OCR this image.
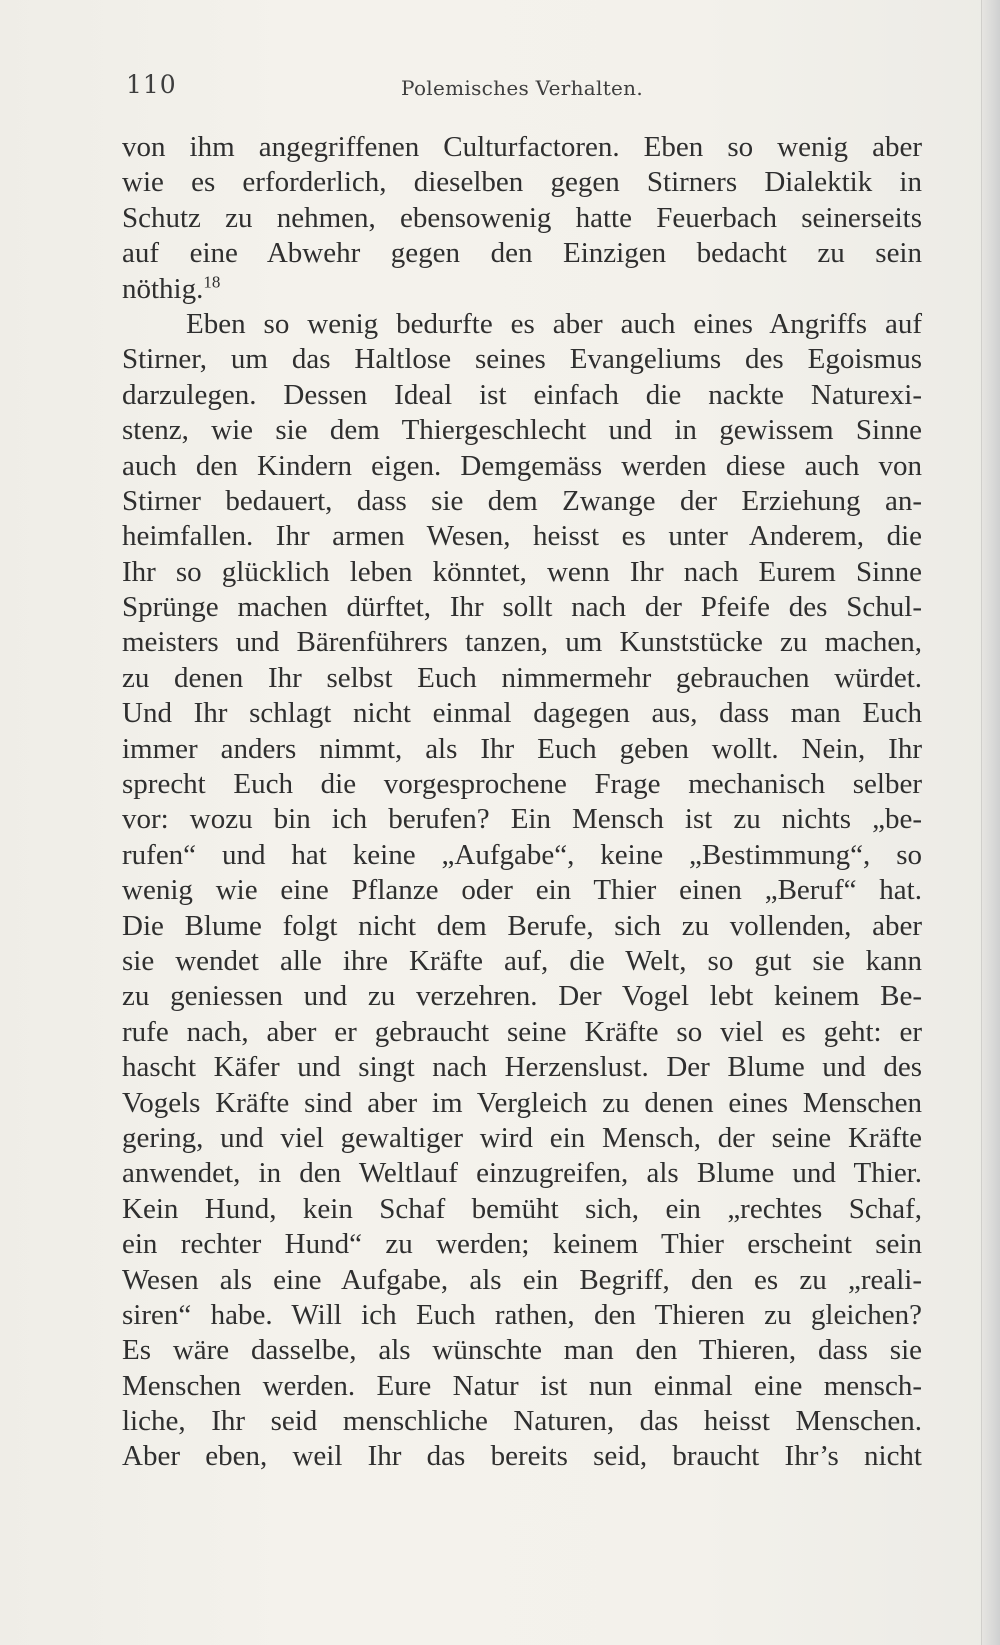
110	Polemisches Verhalten.
von ihm angegriffenen Culturfactoren. Eben so wenig aber
wie es erforderlich, dieselben gegen Stirners Dialektik in
Schutz zu nehmen, ebensowenig hatte Feuerbach seinerseits
auf eine Abwehr gegen den Einzigen bedacht zu sein
nöthig.$^{18}$
Eben so wenig bedurfte es aber auch eines Angriffs auf
Stirner, um das Haltlose seines Evangeliums des Egoismus
darzulegen. Dessen Ideal ist einfach die nackte Naturexi-
stenz, wie sie dem Thiergeschlecht und in gewissem Sinne
auch den Kindern eigen. Demgemäss werden diese auch von
Stirner bedauert, dass sie dem Zwange der Erziehung an-
heimfallen. Ihr armen Wesen, heisst es unter Anderem, die
Ihr so glücklich leben könntet, wenn Ihr nach Eurem Sinne
Sprünge machen dürftet, Ihr sollt nach der Pfeife des Schul-
meisters und Bärenführers tanzen, um Kunststücke zu machen,
zu denen Ihr selbst Euch nimmermehr gebrauchen würdet.
Und Ihr schlagt nicht einmal dagegen aus, dass man Euch
immer anders nimmt, als Ihr Euch geben wollt. Nein, Ihr
sprecht Euch die vorgesprochene Frage mechanisch selber
vor: wozu bin ich berufen? Ein Mensch ist zu nichts „be-
rufen“ und hat keine „Aufgabe“, keine „Bestimmung“, so
wenig wie eine Pflanze oder ein Thier einen „Beruf“ hat.
Die Blume folgt nicht dem Berufe, sich zu vollenden, aber
sie wendet alle ihre Kräfte auf, die Welt, so gut sie kann
zu geniessen und zu verzehren. Der Vogel lebt keinem Be-
rufe nach, aber er gebraucht seine Kräfte so viel es geht: er
hascht Käfer und singt nach Herzenslust. Der Blume und des
Vogels Kräfte sind aber im Vergleich zu denen eines Menschen
gering, und viel gewaltiger wird ein Mensch, der seine Kräfte
anwendet, in den Weltlauf einzugreifen, als Blume und Thier.
Kein Hund, kein Schaf bemüht sich, ein „rechtes Schaf,
ein rechter Hund“ zu werden; keinem Thier erscheint sein
Wesen als eine Aufgabe, als ein Begriff, den es zu „reali-
siren“ habe. Will ich Euch rathen, den Thieren zu gleichen?
Es wäre dasselbe, als wünschte man den Thieren, dass sie
Menschen werden. Eure Natur ist nun einmal eine mensch-
liche, Ihr seid menschliche Naturen, das heisst Menschen.
Aber eben, weil Ihr das bereits seid, braucht Ihr’s nicht
